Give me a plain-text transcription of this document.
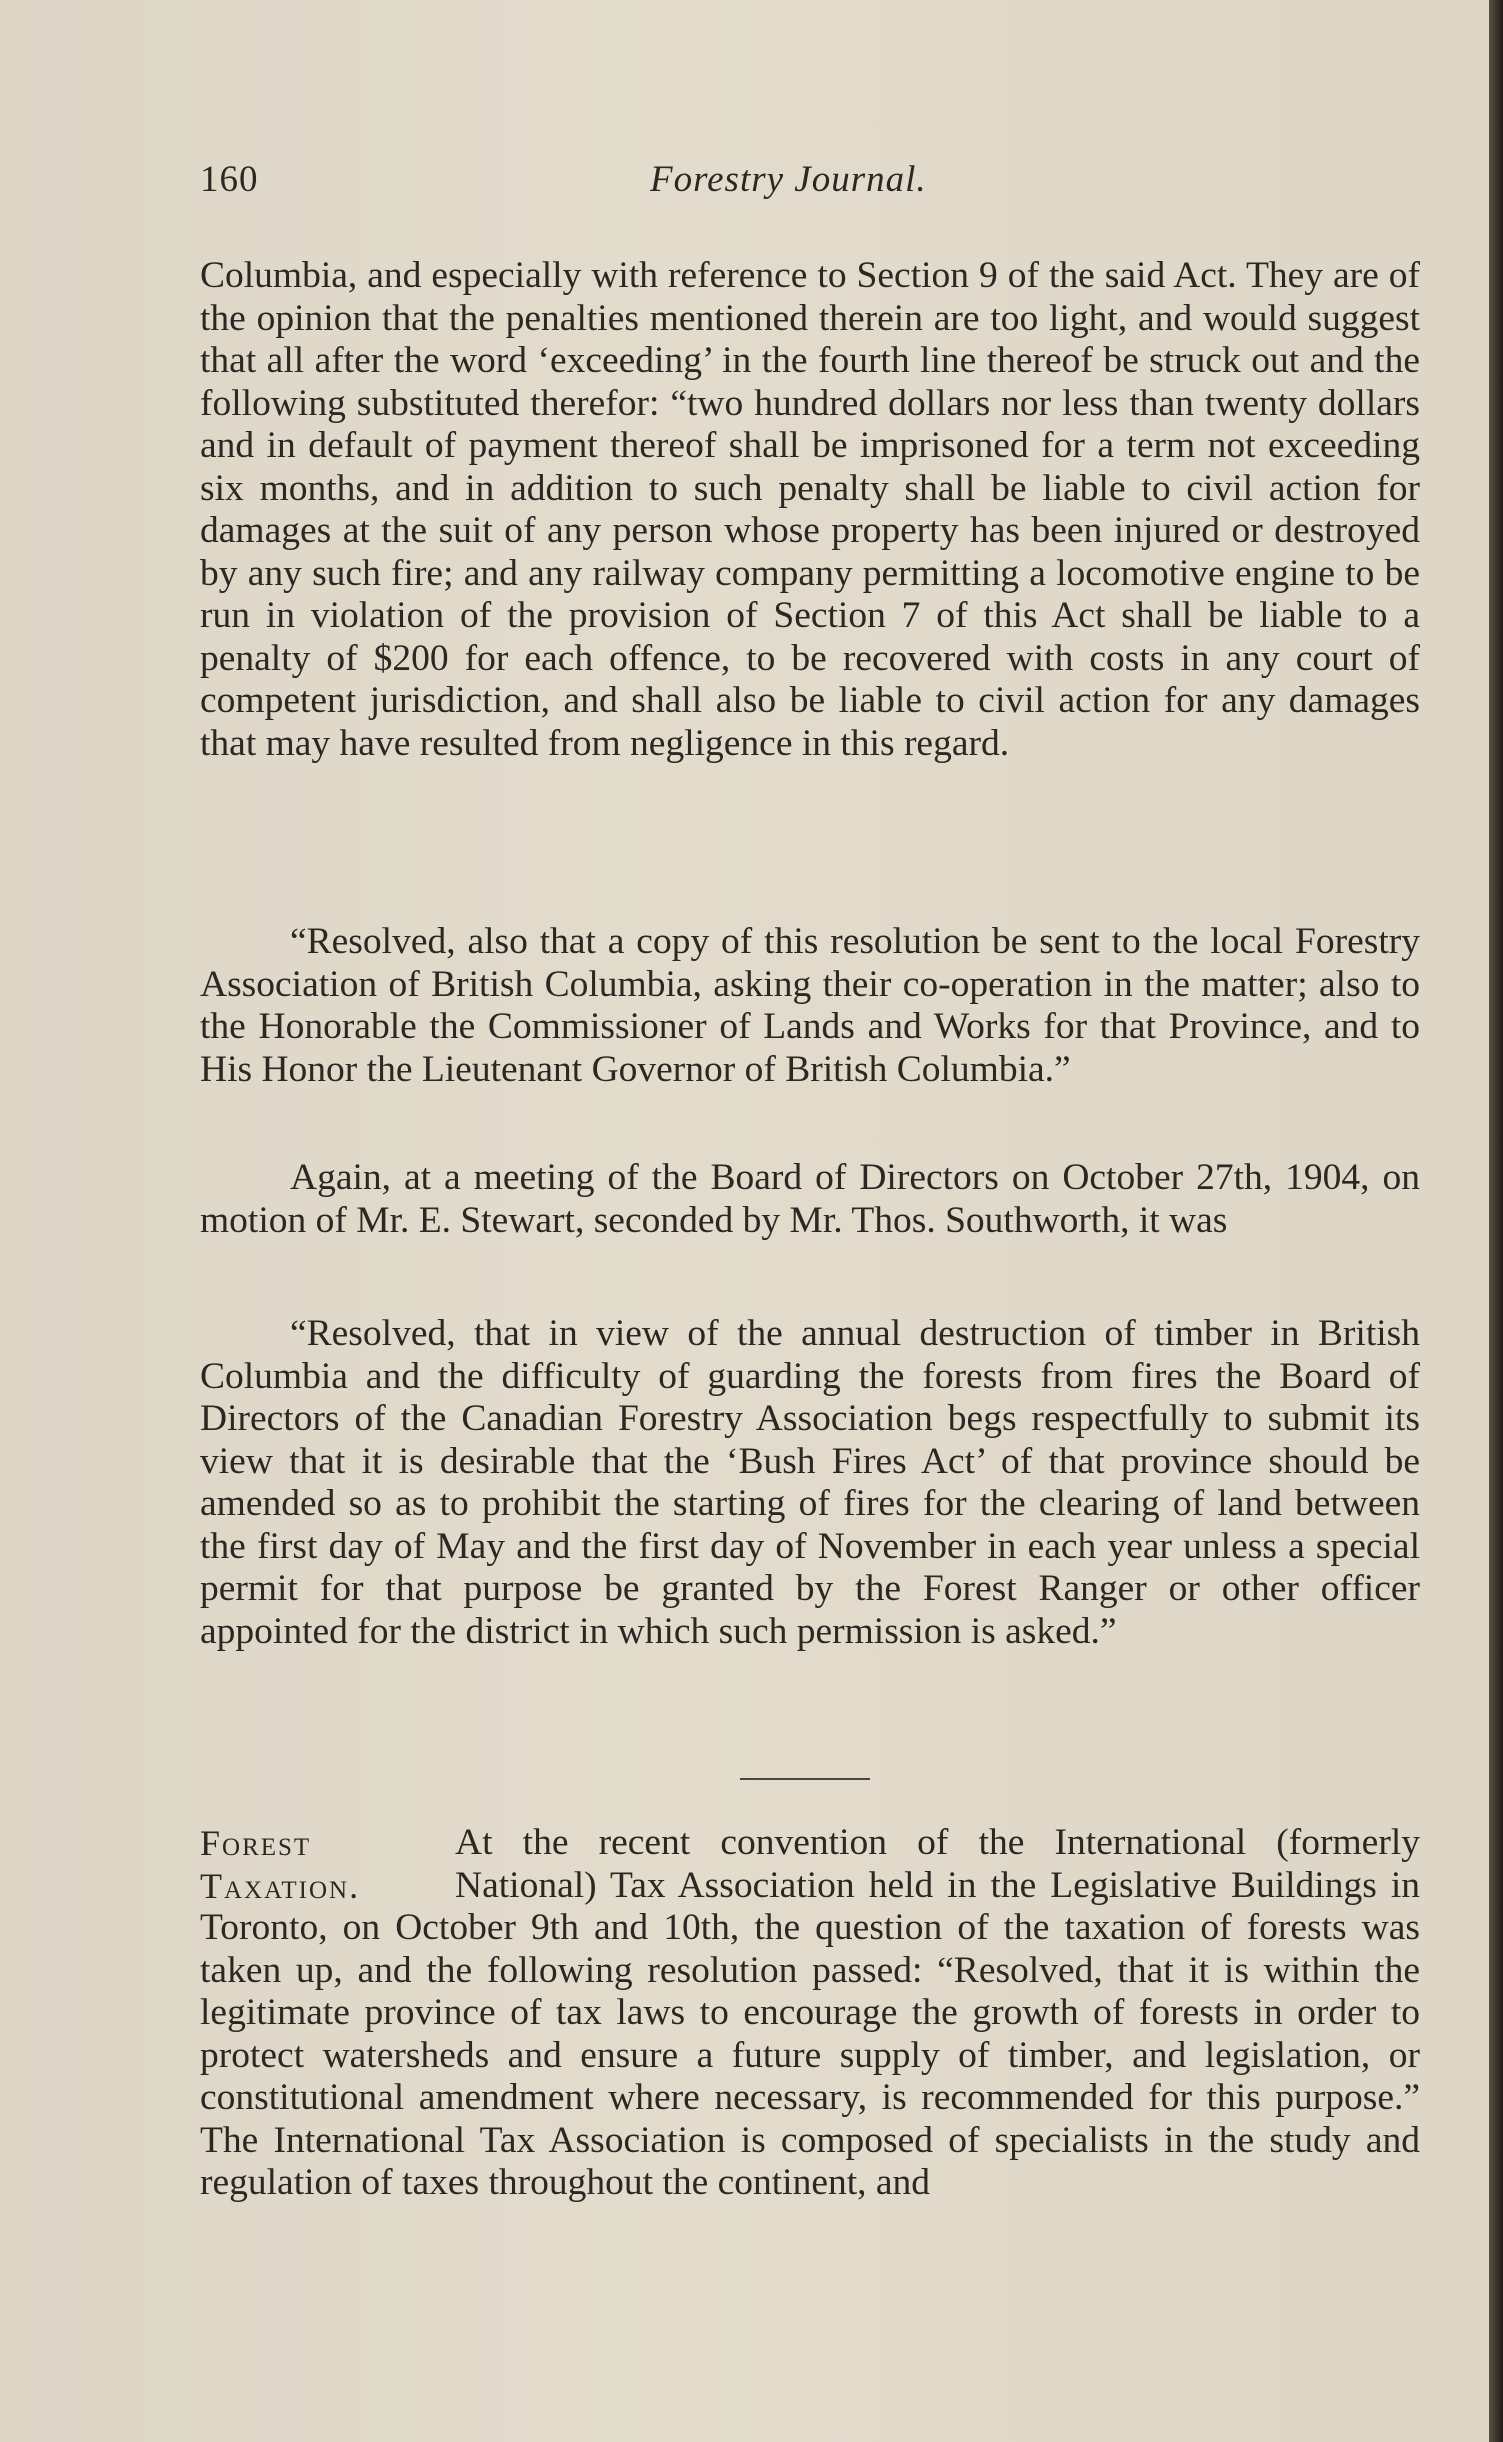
160	Forestry Journal.

Columbia, and especially with reference to Section 9 of the said Act. They are of the opinion that the penalties mentioned therein are too light, and would suggest that all after the word ‘exceeding’ in the fourth line thereof be struck out and the following substituted therefor: “two hundred dollars nor less than twenty dollars and in default of payment thereof shall be imprisoned for a term not exceeding six months, and in addition to such penalty shall be liable to civil action for damages at the suit of any person whose property has been injured or destroyed by any such fire; and any railway company permitting a locomotive engine to be run in violation of the provision of Section 7 of this Act shall be liable to a penalty of $200 for each offence, to be recovered with costs in any court of competent jurisdiction, and shall also be liable to civil action for any damages that may have resulted from negligence in this regard.

“Resolved, also that a copy of this resolution be sent to the local Forestry Association of British Columbia, asking their co-operation in the matter; also to the Honorable the Commissioner of Lands and Works for that Province, and to His Honor the Lieutenant Governor of British Columbia.”

Again, at a meeting of the Board of Directors on October 27th, 1904, on motion of Mr. E. Stewart, seconded by Mr. Thos. Southworth, it was

“Resolved, that in view of the annual destruction of timber in British Columbia and the difficulty of guarding the forests from fires the Board of Directors of the Canadian Forestry Association begs respectfully to submit its view that it is desirable that the ‘Bush Fires Act’ of that province should be amended so as to prohibit the starting of fires for the clearing of land between the first day of May and the first day of November in each year unless a special permit for that purpose be granted by the Forest Ranger or other officer appointed for the district in which such permission is asked.”

Forest
Taxation.

At the recent convention of the International (formerly National) Tax Association held in the Legislative Buildings in Toronto, on October 9th and 10th, the question of the taxation of forests was taken up, and the following resolution passed: “Resolved, that it is within the legitimate province of tax laws to encourage the growth of forests in order to protect watersheds and ensure a future supply of timber, and legislation, or constitutional amendment where necessary, is recommended for this purpose.” The International Tax Association is composed of specialists in the study and regulation of taxes throughout the continent, and
